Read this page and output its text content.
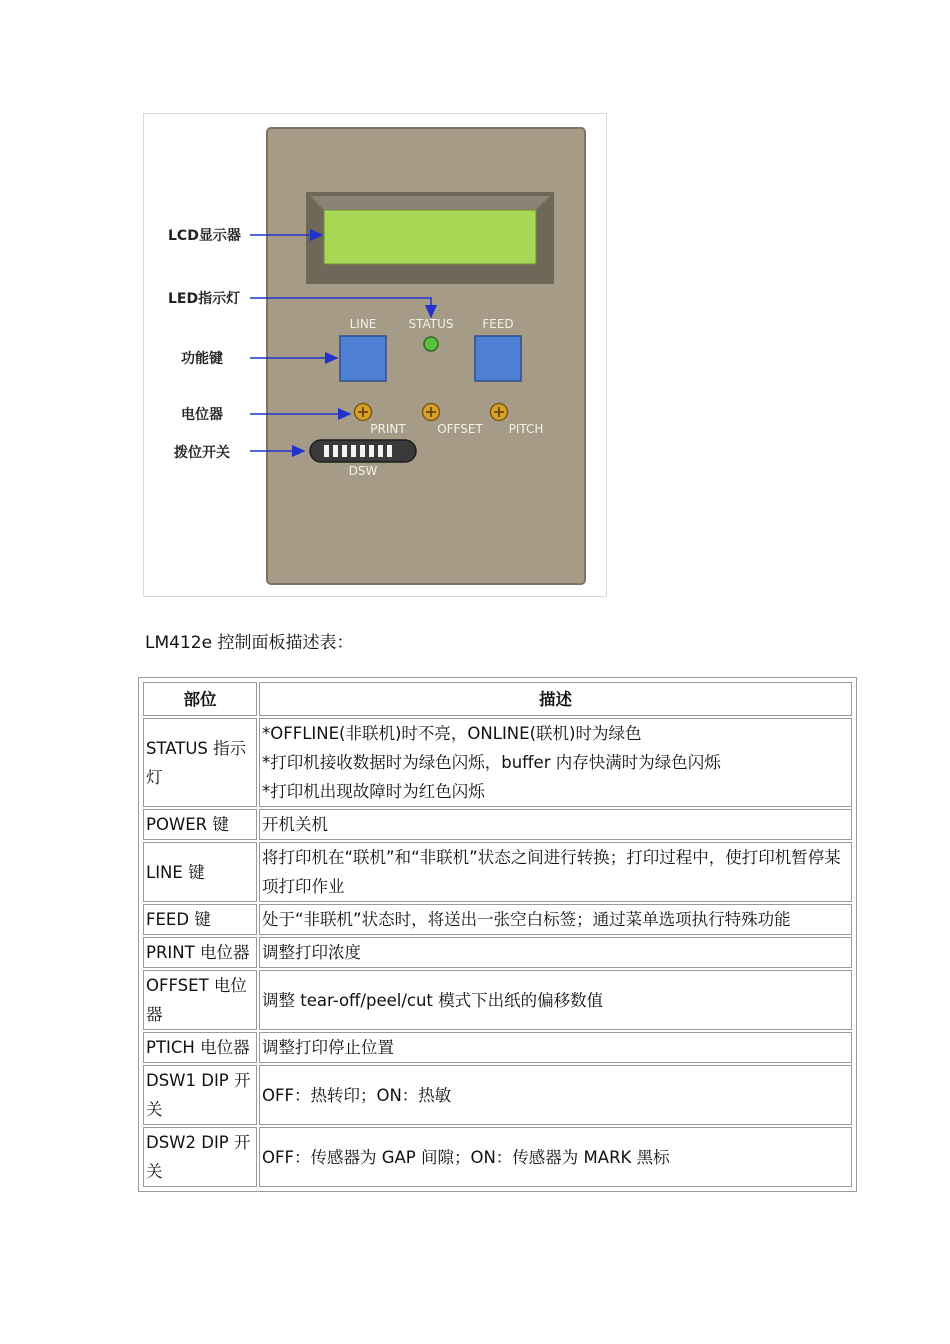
LINE	STATUS FEED
PRINT	OFFSET PITCH
DSW
LCD显示器
LED指示灯
功能键
电位器
拨位开关
LM412e 控制面板描述表：
部位	描述
STATUS 指示灯	*OFFLINE(非联机)时不亮，ONLINE(联机)时为绿色
*打印机接收数据时为绿色闪烁，buffer 内存快满时为绿色闪烁
*打印机出现故障时为红色闪烁

POWER 键	开机关机
LINE 键	将打印机在“联机”和“非联机”状态之间进行转换；打印过程中，使打印机暂停某项打印作业
FEED 键	处于“非联机”状态时，将送出一张空白标签；通过菜单选项执行特殊功能
PRINT 电位器	调整打印浓度
OFFSET 电位器	调整 tear-off/peel/cut 模式下出纸的偏移数值
PTICH 电位器	调整打印停止位置
DSW1 DIP 开关	OFF：热转印；ON：热敏
DSW2 DIP 开关	OFF：传感器为 GAP 间隙；ON：传感器为 MARK 黑标
